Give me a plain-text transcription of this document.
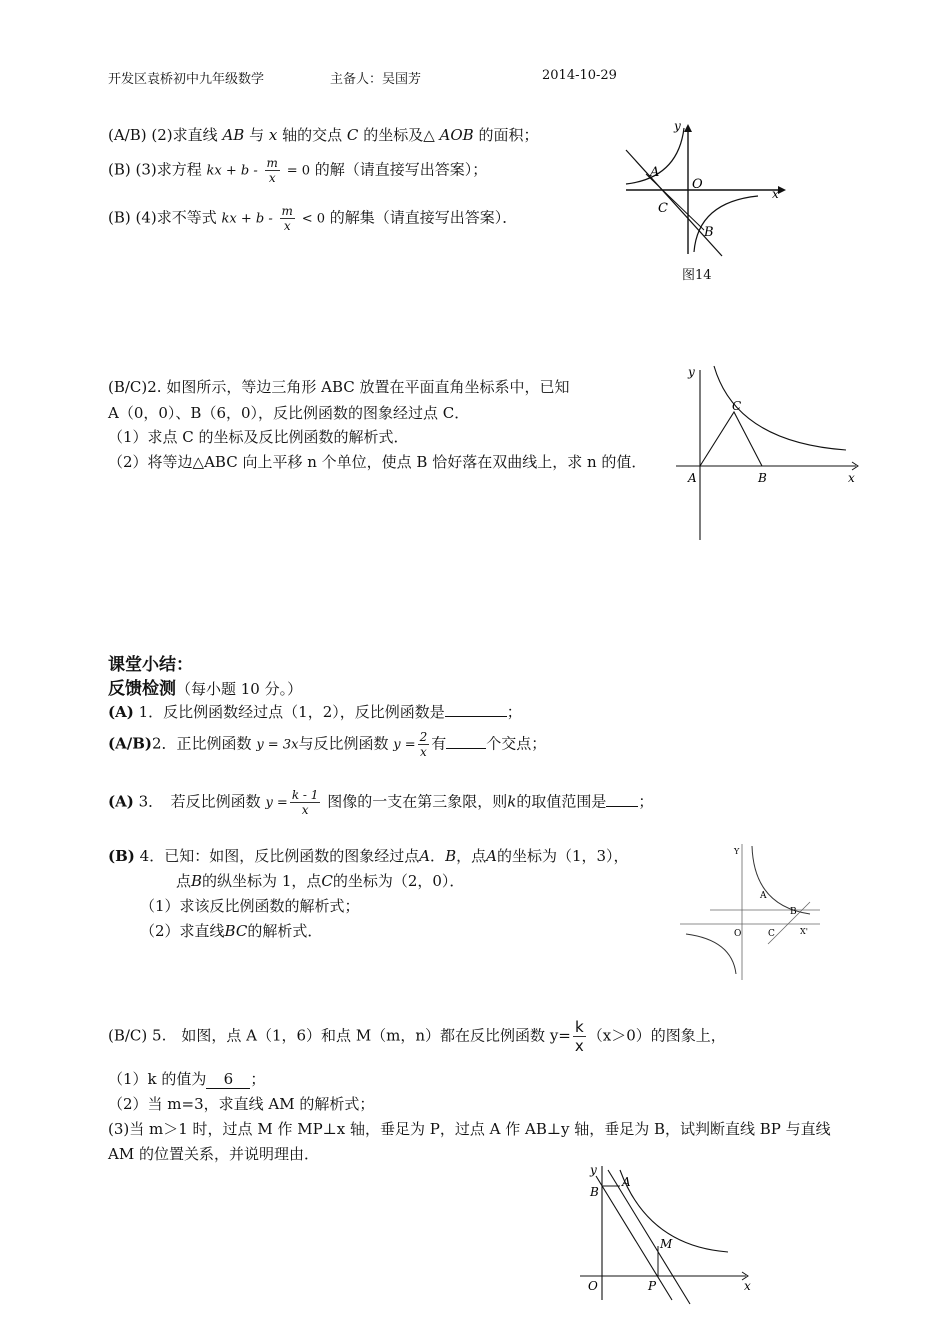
开发区袁桥初中九年级数学	主备人：吴国芳	2014-10-29
(A/B) (2)求直线 AB 与 x 轴的交点 C 的坐标及△ AOB 的面积；
(B) (3)求方程 kx + $b - \frac{m}{x} = 0$ 的解（请直接写出答案）；
(B) (4)求不等式 kx + $b - \frac{m}{x} < 0$ 的解集（请直接写出答案）．
y
x
A
O
C
B
图14
(B/C)2. 如图所示，等边三角形 ABC 放置在平面直角坐标系中，已知
A（0，0）、B（6，0），反比例函数的图象经过点 C．
（1）求点 C 的坐标及反比例函数的解析式．
（2）将等边△ABC 向上平移 n 个单位，使点 B 恰好落在双曲线上，求 n 的值．
y
x
A	B
C
课堂小结：
反馈检测（每小题 10 分。）
(A) 1．反比例函数经过点（1，2），反比例函数是	；
(A/B)2．正比例函数 y = 3x与反比例函数 $y = \frac{2}{x}$ 有	个交点；
(A) 3．　若反比例函数 $y = \frac{k - 1}{x}$ 图像的一支在第三象限，则k的取值范围是 ；
(B) 4．已知：如图，反比例函数的图象经过点A．B，点A的坐标为（1，3），
点B的纵坐标为 1，点C的坐标为（2，0）．
（1）求该反比例函数的解析式；
（2）求直线BC的解析式．
Y
A
B
O	C	X'
(B/C) 5.　如图，点 A（1，6）和点 M（m，n）都在反比例函数 $y= \frac{k}{x} (x>0)$的图象上，
（1）k 的值为 6 ；
（2）当 m=3，求直线 AM 的解析式；
(3)当 m＞1 时，过点 M 作 MP⊥x 轴，垂足为 P，过点 A 作 AB⊥y 轴，垂足为 B，试判断直线 BP 与直线
AM 的位置关系，并说明理由．
y
B
A
M
O	P	x
